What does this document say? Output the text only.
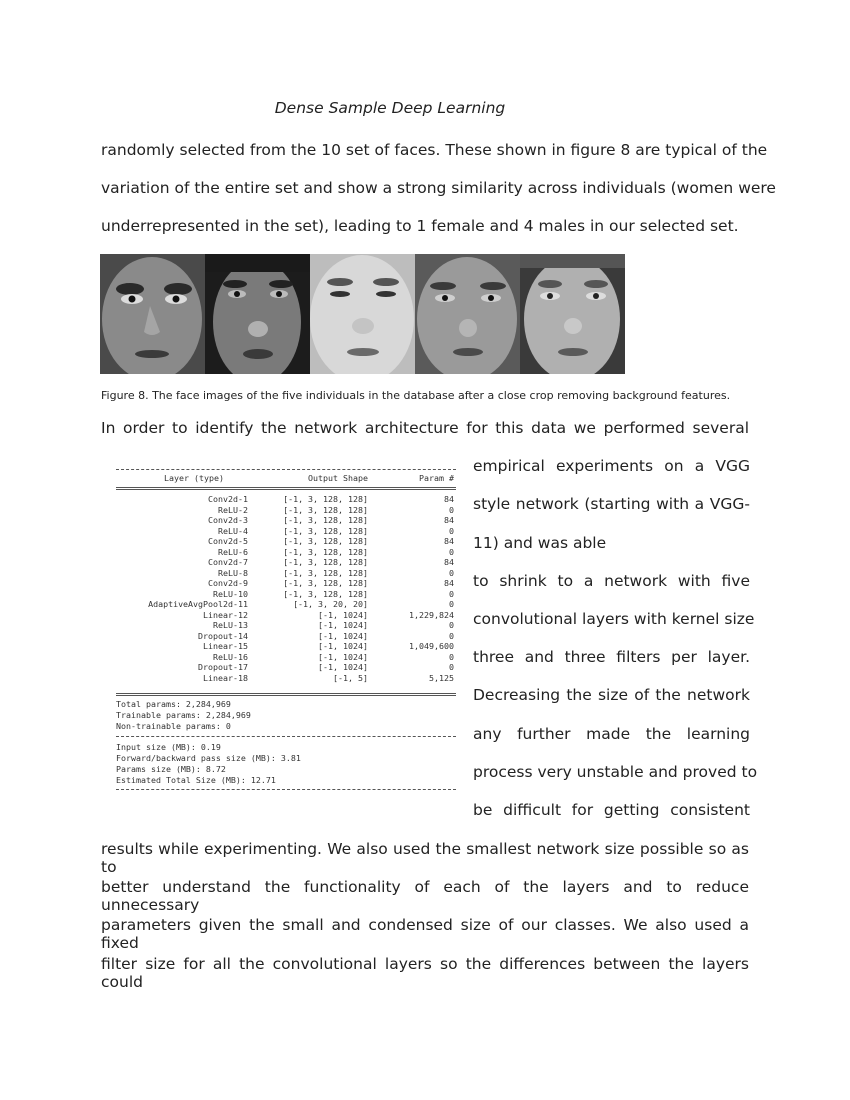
Dense Sample Deep Learning
randomly selected from the 10 set of faces. These shown in figure 8 are typical of the
variation of the entire set and show a strong similarity across individuals (women were
underrepresented in the set), leading to 1 female and 4 males in our selected set.
Figure 8. The face images of the five individuals in the database after a close crop removing background features.
In order to identify the network architecture for this data we performed several
Layer (type)	Output Shape	Param #
Conv2d-1	[-1, 3, 128, 128]	84
ReLU-2	[-1, 3, 128, 128]	0
Conv2d-3	[-1, 3, 128, 128]	84
ReLU-4	[-1, 3, 128, 128]	0
Conv2d-5	[-1, 3, 128, 128]	84
ReLU-6	[-1, 3, 128, 128]	0
Conv2d-7	[-1, 3, 128, 128]	84
ReLU-8	[-1, 3, 128, 128]	0
Conv2d-9	[-1, 3, 128, 128]	84
ReLU-10	[-1, 3, 128, 128]	0
AdaptiveAvgPool2d-11	[-1, 3, 20, 20]	0
Linear-12	[-1, 1024]	1,229,824
ReLU-13	[-1, 1024]	0
Dropout-14	[-1, 1024]	0
Linear-15	[-1, 1024]	1,049,600
ReLU-16	[-1, 1024]	0
Dropout-17	[-1, 1024]	0
Linear-18	[-1, 5]	5,125
Total params: 2,284,969
Trainable params: 2,284,969
Non-trainable params: 0
Input size (MB): 0.19
Forward/backward pass size (MB): 3.81
Params size (MB): 8.72
Estimated Total Size (MB): 12.71
empirical experiments on a VGG
style network (starting with a VGG-
11) and was able
to shrink to a network with five
convolutional layers with kernel size
three and three filters per layer.
Decreasing the size of the network
any further made the learning
process very unstable and proved to
be difficult for getting consistent
results while experimenting. We also used the smallest network size possible so as to
better understand the functionality of each of the layers and to reduce unnecessary
parameters given the small and condensed size of our classes. We also used a fixed
filter size for all the convolutional layers so the differences between the layers could
